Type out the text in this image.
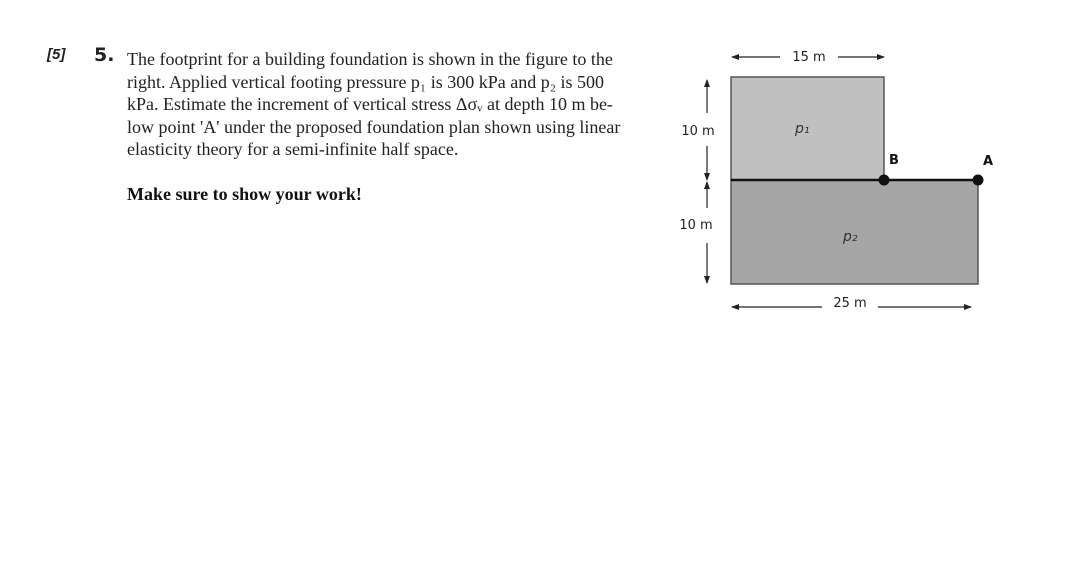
[5] 5. The footprint for a building foundation is shown in the figure to the
right. Applied vertical footing pressure p₁ is 300 kPa and p₂ is 500
kPa. Estimate the increment of vertical stress Δσᵥ at depth 10 m be-
low point 'A' under the proposed foundation plan shown using linear
elasticity theory for a semi-infinite half space.
Make sure to show your work!
B	A
p₁
p₂
15 m
25 m
10 m
10 m
